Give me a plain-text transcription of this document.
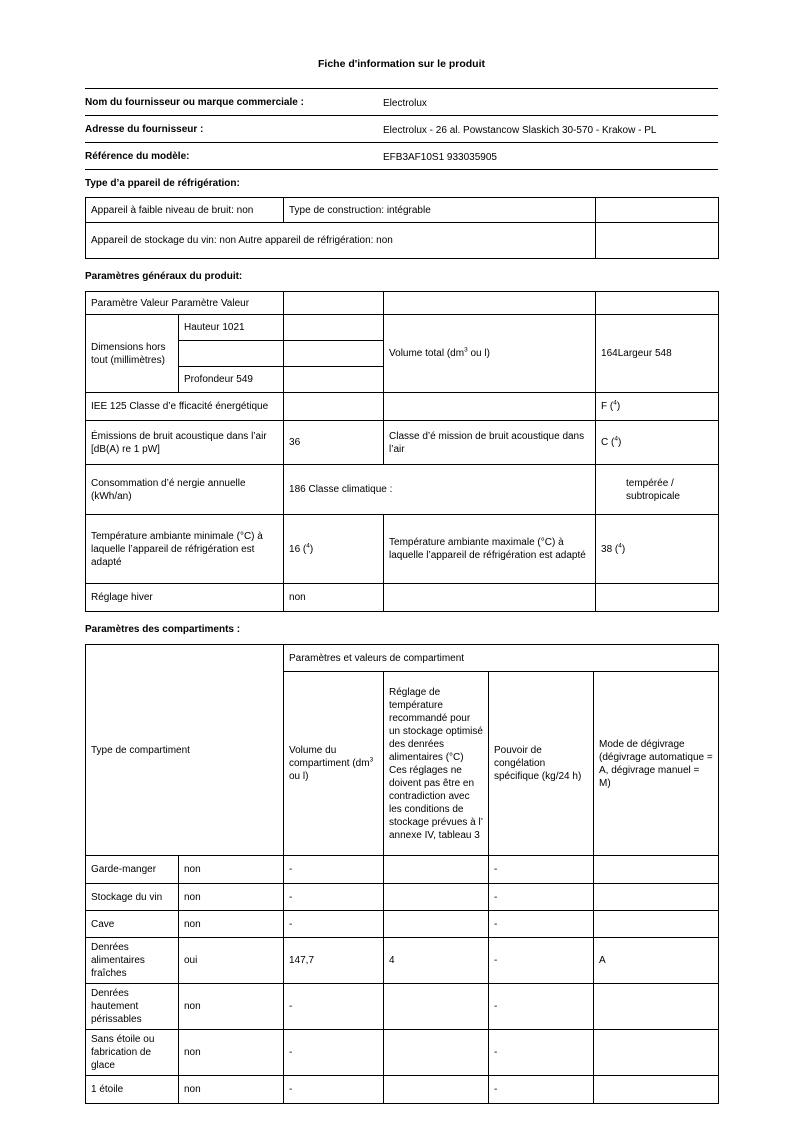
Fiche d'information sur le produit
Nom du fournisseur ou marque commerciale :	Electrolux
Adresse du fournisseur :	Electrolux - 26 al. Powstancow Slaskich 30-570 - Krakow - PL
Référence du modèle:	EFB3AF10S1 933035905
Type d’a ppareil de réfrigération:
Appareil à faible niveau de bruit: non	Type de construction: intégrable	
Appareil de stockage du vin: non Autre appareil de réfrigération: non		
Paramètres généraux du produit:
Paramètre Valeur Paramètre Valeur				
Dimensions hors tout (millimètres)	Hauteur 1021		Volume total ($dm^3$ ou l)	164Largeur 548

	Profondeur 549			
IEE 125 Classe d’e fficacité énergétique				F ($^4$)
Émissions de bruit acoustique dans l’air [dB(A) re 1 pW]		36	Classe d’é mission de bruit acoustique dans l’air	C ($^4$)
Consommation d’é nergie annuelle (kWh/an)		186 Classe climatique :		tempérée / subtropicale

Température ambiante minimale (°C) à laquelle l’appareil de réfrigération est adapté		16 ($^4$)	Température ambiante maximale (°C) à laquelle l’appareil de réfrigération est adapté	38 ($^4$)
Réglage hiver		non		
Paramètres des compartiments :
Type de compartiment		Paramètres et valeurs de compartiment			
		Volume du compartiment ($dm^3$ ou l)	Réglage de température recommandé pour un stockage optimisé des denrées alimentaires (°C) Ces réglages ne doivent pas être en contradiction avec les conditions de stockage prévues à l’ annexe IV, tableau 3	Pouvoir de congélation spécifique (kg/24 h)	Mode de dégivrage (dégivrage automatique = A, dégivrage manuel = M)
Garde-manger	non	-		-	
Stockage du vin	non	-		-	
Cave	non	-		-	
Denrées alimentaires fraîches	oui	147,7	4	-	A
Denrées hautement périssables	non	-		-	
Sans étoile ou fabrication de glace	non	-		-	
1 étoile	non	-		-	
